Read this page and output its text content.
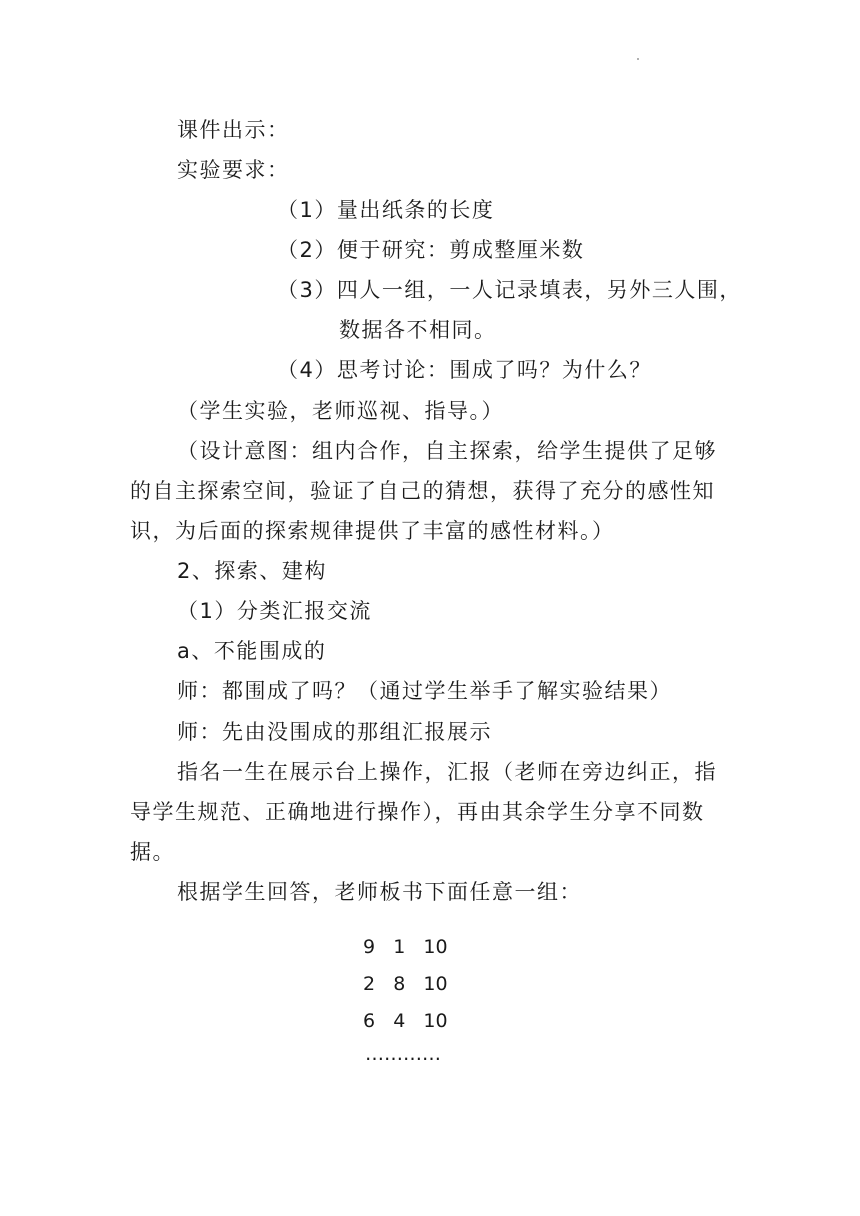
课件出示：
实验要求：
（1）量出纸条的长度
（2）便于研究：剪成整厘米数
（3）四人一组，一人记录填表，另外三人围，
数据各不相同。
（4）思考讨论：围成了吗？为什么？
（学生实验，老师巡视、指导。）
（设计意图：组内合作，自主探索，给学生提供了足够
的自主探索空间，验证了自己的猜想，获得了充分的感性知
识，为后面的探索规律提供了丰富的感性材料。）
2、探索、建构
（1）分类汇报交流
a、不能围成的
师：都围成了吗？（通过学生举手了解实验结果）
师：先由没围成的那组汇报展示
指名一生在展示台上操作，汇报（老师在旁边纠正，指
导学生规范、正确地进行操作），再由其余学生分享不同数
据。
根据学生回答，老师板书下面任意一组：
9   1   10
2   8   10
6   4   10
…………
